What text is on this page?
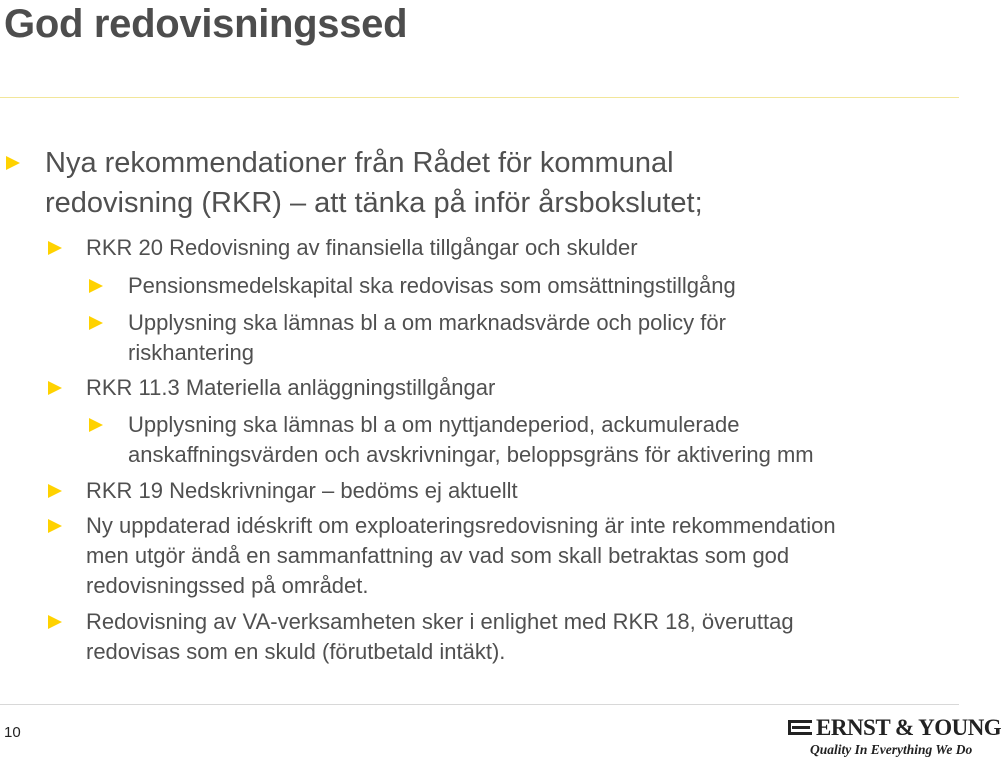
God redovisningssed
Nya rekommendationer från Rådet för kommunal
redovisning (RKR) – att tänka på inför årsbokslutet;
RKR 20 Redovisning av finansiella tillgångar och skulder
Pensionsmedelskapital ska redovisas som omsättningstillgång
Upplysning ska lämnas bl a om marknadsvärde och policy för
riskhantering
RKR 11.3 Materiella anläggningstillgångar
Upplysning ska lämnas bl a om nyttjandeperiod, ackumulerade
anskaffningsvärden och avskrivningar, beloppsgräns för aktivering mm
RKR 19 Nedskrivningar – bedöms ej aktuellt
Ny uppdaterad idéskrift om exploateringsredovisning är inte rekommendation
men utgör ändå en sammanfattning av vad som skall betraktas som god
redovisningssed på området.
Redovisning av VA-verksamheten sker i enlighet med RKR 18, överuttag
redovisas som en skuld (förutbetald intäkt).
10	ERNST & YOUNG
Quality In Everything We Do
